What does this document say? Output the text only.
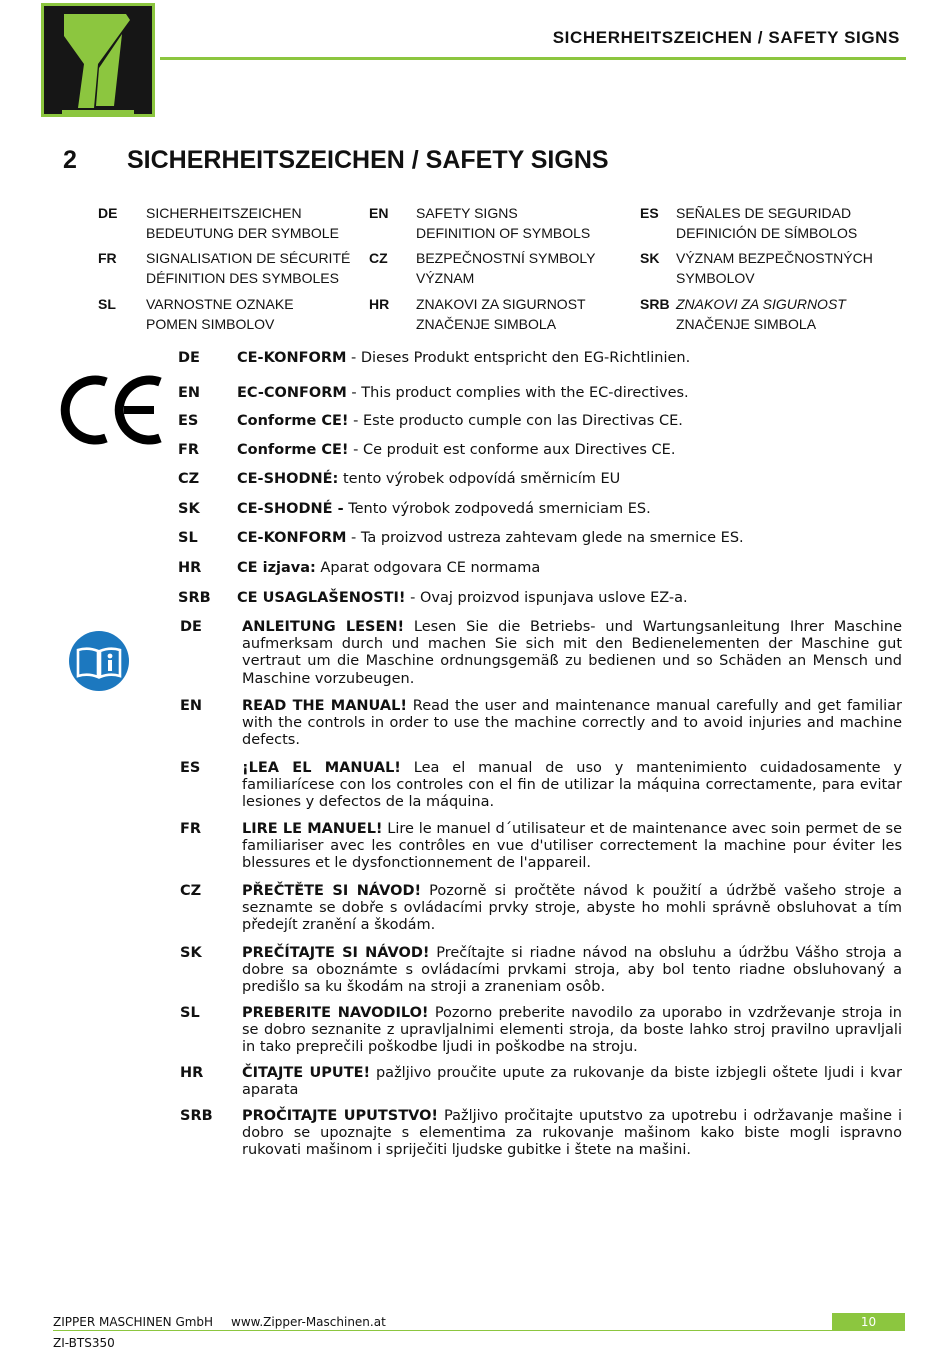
SICHERHEITSZEICHEN / SAFETY SIGNS
2 SICHERHEITSZEICHEN / SAFETY SIGNS
DE SICHERHEITSZEICHEN
BEDEUTUNG DER SYMBOLE
EN SAFETY SIGNS
DEFINITION OF SYMBOLS
ES SEÑALES DE SEGURIDAD
DEFINICIÓN DE SÍMBOLOS
FR SIGNALISATION DE SÉCURITÉ
DÉFINITION DES SYMBOLES
CZ BEZPEČNOSTNÍ SYMBOLY
VÝZNAM
SK VÝZNAM BEZPEČNOSTNÝCH
SYMBOLOV
SL VARNOSTNE OZNAKE
POMEN SIMBOLOV
HR ZNAKOVI ZA SIGURNOST
ZNAČENJE SIMBOLA
SRB ZNAKOVI ZA SIGURNOST
ZNAČENJE SIMBOLA
DE	CE-KONFORM - Dieses Produkt entspricht den EG-Richtlinien.
EN	EC-CONFORM - This product complies with the EC-directives.
ES	Conforme CE! - Este producto cumple con las Directivas CE.
FR	Conforme CE! - Ce produit est conforme aux Directives CE.
CZ	CE-SHODNÉ: tento výrobek odpovídá směrnicím EU
SK	CE-SHODNÉ - Tento výrobok zodpovedá smerniciam ES.
SL	CE-KONFORM - Ta proizvod ustreza zahtevam glede na smernice ES.
HR CE izjava: Aparat odgovara CE normama
SRB CE USAGLAŠENOSTI! - Ovaj proizvod ispunjava uslove EZ-a.
DE	ANLEITUNG LESEN! Lesen Sie die Betriebs- und Wartungsanleitung Ihrer Maschine aufmerksam durch und machen Sie sich mit den Bedienelementen der Maschine gut vertraut um die Maschine ordnungsgemäß zu bedienen und so Schäden an Mensch und Maschine vorzubeugen.

EN	READ THE MANUAL! Read the user and maintenance manual carefully and get familiar with the controls in order to use the machine correctly and to avoid injuries and machine defects.

ES	¡LEA EL MANUAL! Lea el manual de uso y mantenimiento cuidadosamente y familiarícese con los controles con el fin de utilizar la máquina correctamente, para evitar lesiones y defectos de la máquina.

FR	LIRE LE MANUEL! Lire le manuel d´utilisateur et de maintenance avec soin permet de se familiariser avec les contrôles en vue d'utiliser correctement la machine pour éviter les blessures et le dysfonctionnement de l'appareil.

CZ	PŘEČTĚTE SI NÁVOD! Pozorně si pročtěte návod k použití a údržbě vašeho stroje a seznamte se dobře s ovládacími prvky stroje, abyste ho mohli správně obsluhovat a tím předejít zranění a škodám.

SK	PREČÍTAJTE SI NÁVOD! Prečítajte si riadne návod na obsluhu a údržbu Vášho stroja a dobre sa oboznámte s ovládacími prvkami stroja, aby bol tento riadne obsluhovaný a predišlo sa ku škodám na stroji a zraneniam osôb.

SL	PREBERITE NAVODILO! Pozorno preberite navodilo za uporabo in vzdrževanje stroja in se dobro seznanite z upravljalnimi elementi stroja, da boste lahko stroj pravilno upravljali in tako preprečili poškodbe ljudi in poškodbe na stroju.

HR	ČITAJTE UPUTE! pažljivo proučite upute za rukovanje da biste izbjegli oštete ljudi i kvar aparata

SRB PROČITAJTE UPUTSTVO! Pažljivo pročitajte uputstvo za upotrebu i održavanje mašine i dobro se upoznajte s elementima za rukovanje mašinom kako biste mogli ispravno rukovati mašinom i spriječiti ljudske gubitke i štete na mašini.

ZIPPER MASCHINEN GmbH www.Zipper-Maschinen.at	10
ZI-BTS350
